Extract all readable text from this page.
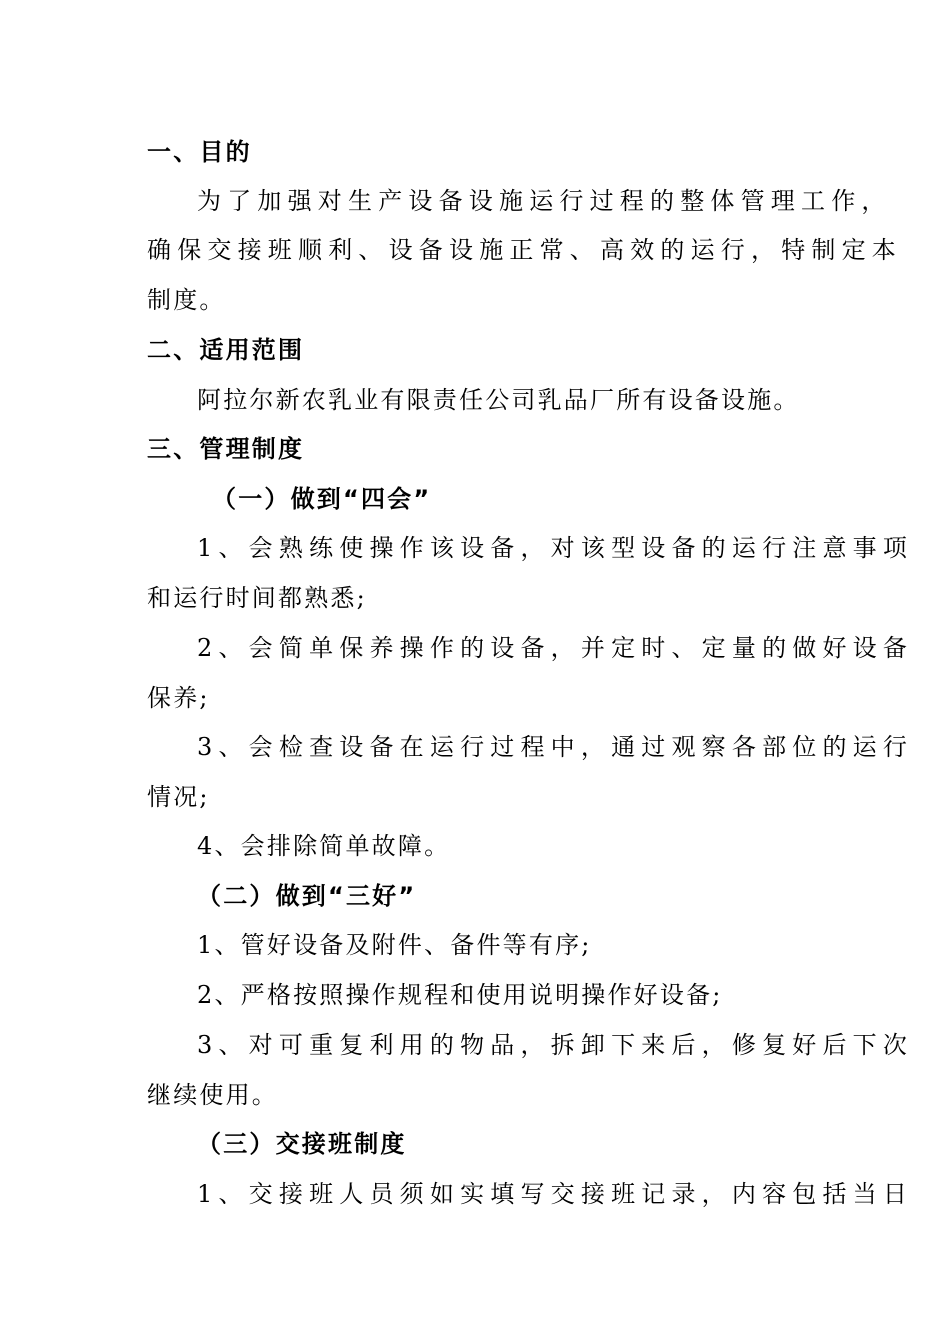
一、目的
为了加强对生产设备设施运行过程的整体管理工作，
确保交接班顺利、设备设施正常、高效的运行，特制定本
制度。
二、适用范围
阿拉尔新农乳业有限责任公司乳品厂所有设备设施。
三、管理制度
（一）做到“四会”
1、会熟练使操作该设备，对该型设备的运行注意事项
和运行时间都熟悉;
2、会简单保养操作的设备，并定时、定量的做好设备
保养;
3、会检查设备在运行过程中，通过观察各部位的运行
情况;
4、会排除简单故障。
（二）做到“三好”
1、管好设备及附件、备件等有序;
2、严格按照操作规程和使用说明操作好设备;
3、对可重复利用的物品，拆卸下来后，修复好后下次
继续使用。
（三）交接班制度
1、交接班人员须如实填写交接班记录，内容包括当日
